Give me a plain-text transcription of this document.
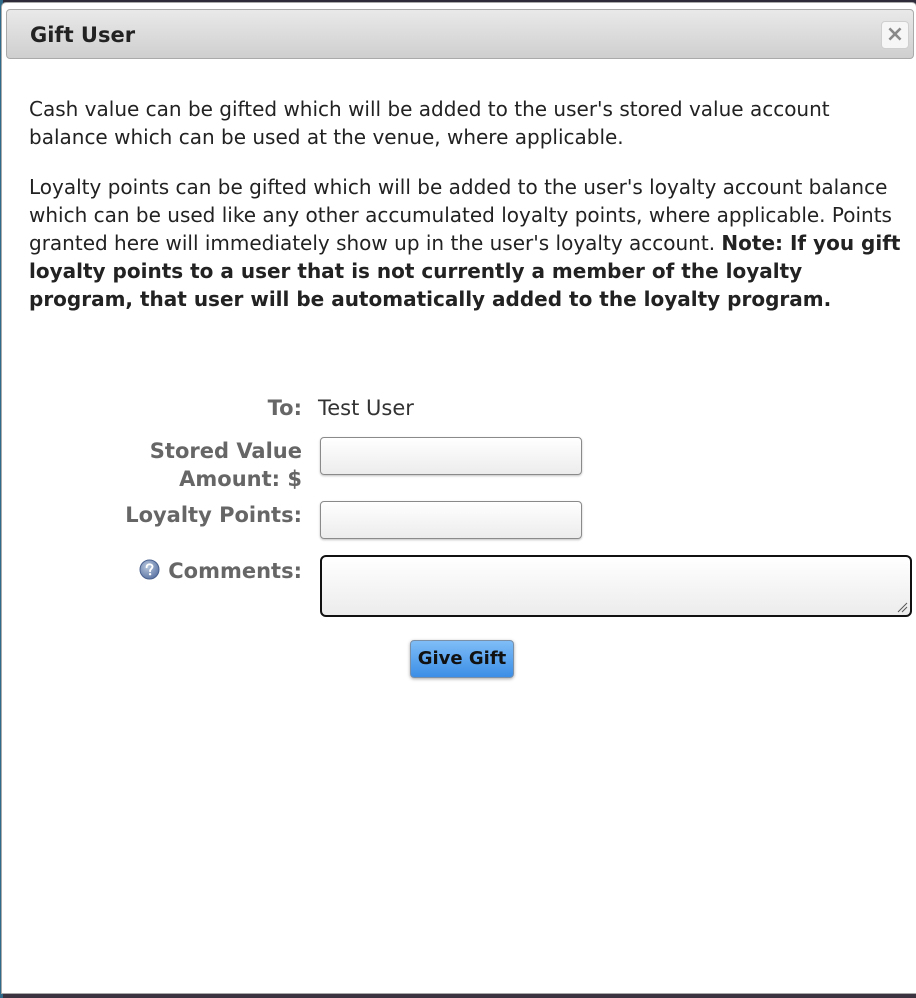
Gift User	×

Cash value can be gifted which will be added to the user's stored value account balance which can be used at the venue, where applicable.

Loyalty points can be gifted which will be added to the user's loyalty account balance which can be used like any other accumulated loyalty points, where applicable. Points granted here will immediately show up in the user's loyalty account. Note: If you gift loyalty points to a user that is not currently a member of the loyalty program, that user will be automatically added to the loyalty program.

To: Test User
Stored Value
Amount: $
Loyalty Points:
Comments:
Give Gift
